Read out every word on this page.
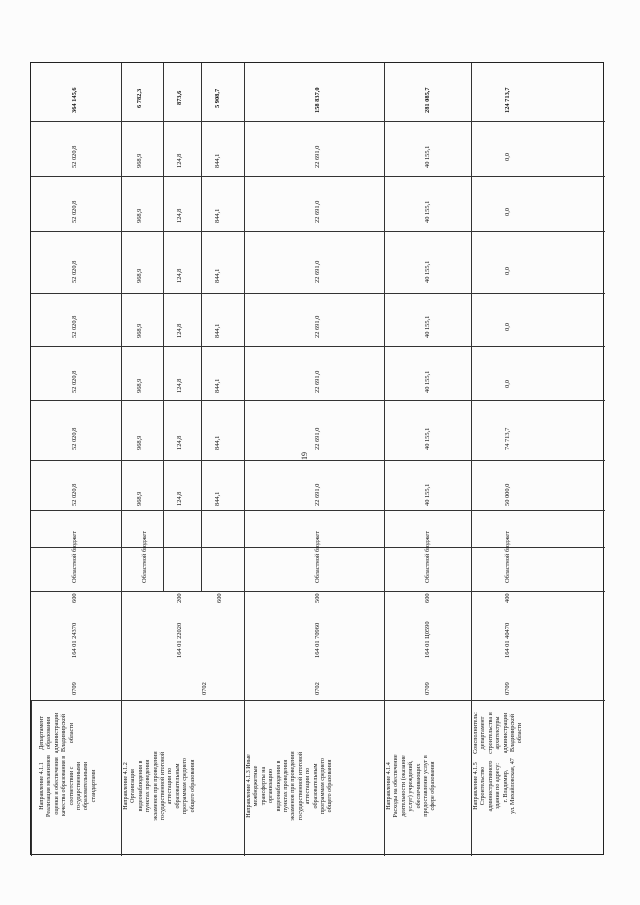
19
Направление 4.1.1
Реализация механизмов
оценки и обеспечения
качества образования в
соответствии с
государственными
образовательными
стандартами
Департамент
образования
администрации
Владимирской
области
0709
164 01 24370
600
Областной бюджет
52 020,8
52 020,8
52 020,8
52 020,8
52 020,8
52 020,8
52 020,8
364 145,6
Направление 4.1.2
Организация
видеонаблюдения в
пунктах проведения
экзаменов при проведении
государственной итоговой
аттестации по
образовательным
программам среднего
общего образования
0702
164 01 22020
Областной бюджет
200	600
968,9
968,9
968,9
968,9
968,9
968,9
968,9
6 782,3
124,8
124,8
124,8
124,8
124,8
124,8
124,8
873,6
844,1
844,1
844,1
844,1
844,1
844,1
844,1
5 908,7
Направление 4.1.3 Иные
межбюджетные
трансферты на
организацию
видеонаблюдения в
пунктах проведения
экзаменов при проведении
государственной итоговой
аттестации по
образовательным
программам среднего
общего образования
0702
164 01 70960
500
Областной бюджет
22 691,0
22 691,0
22 691,0
22 691,0
22 691,0
22 691,0
22 691,0
158 837,0
Направление 4.1.4
Расходы на обеспечение
деятельности (оказание
услуг) учреждений,
обеспечивающих
предоставление услуг в
сфере образования
0709
164 01 Ц0590
600
Областной бюджет
40 155,1
40 155,1
40 155,1
40 155,1
40 155,1
40 155,1
40 155,1
281 085,7
Направление 4.1.5
Строительство
административного
здания по адресу:
г. Владимир,
ул. Михайловская, 47
Соисполнитель:
департамент
строительства и
архитектуры
администрации
Владимирской
области
0709
164 01 40470
400
Областной бюджет
50 000,0
74 713,7
0,0
0,0
0,0
0,0
0,0
124 713,7
